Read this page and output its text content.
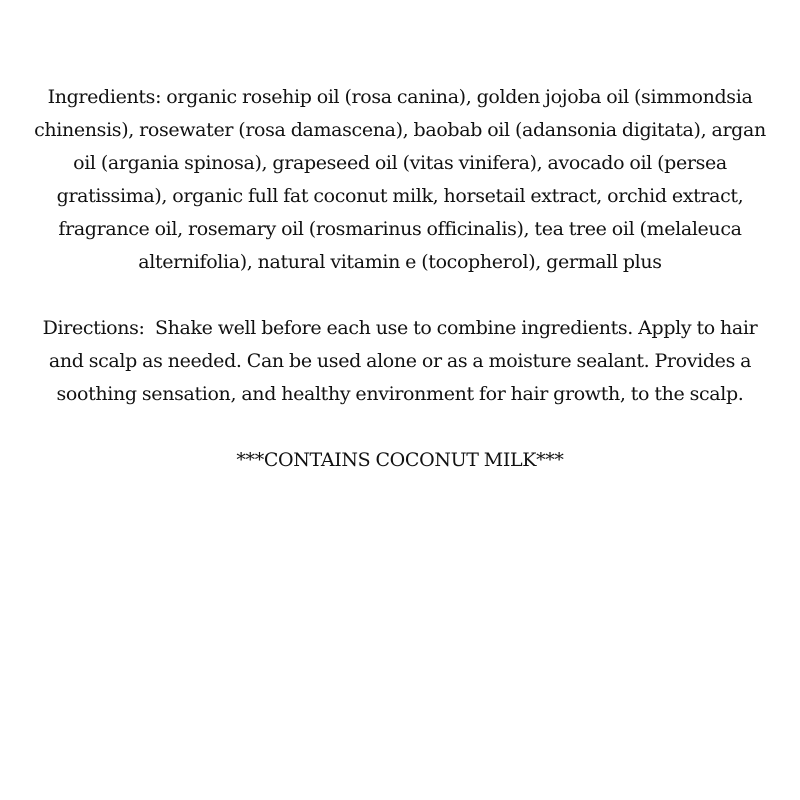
Ingredients: organic rosehip oil (rosa canina), golden jojoba oil (simmondsia
chinensis), rosewater (rosa damascena), baobab oil (adansonia digitata), argan
oil (argania spinosa), grapeseed oil (vitas vinifera), avocado oil (persea
gratissima), organic full fat coconut milk, horsetail extract, orchid extract,
fragrance oil, rosemary oil (rosmarinus officinalis), tea tree oil (melaleuca
alternifolia), natural vitamin e (tocopherol), germall plus
Directions:  Shake well before each use to combine ingredients. Apply to hair
and scalp as needed. Can be used alone or as a moisture sealant. Provides a
soothing sensation, and healthy environment for hair growth, to the scalp.
***CONTAINS COCONUT MILK***
